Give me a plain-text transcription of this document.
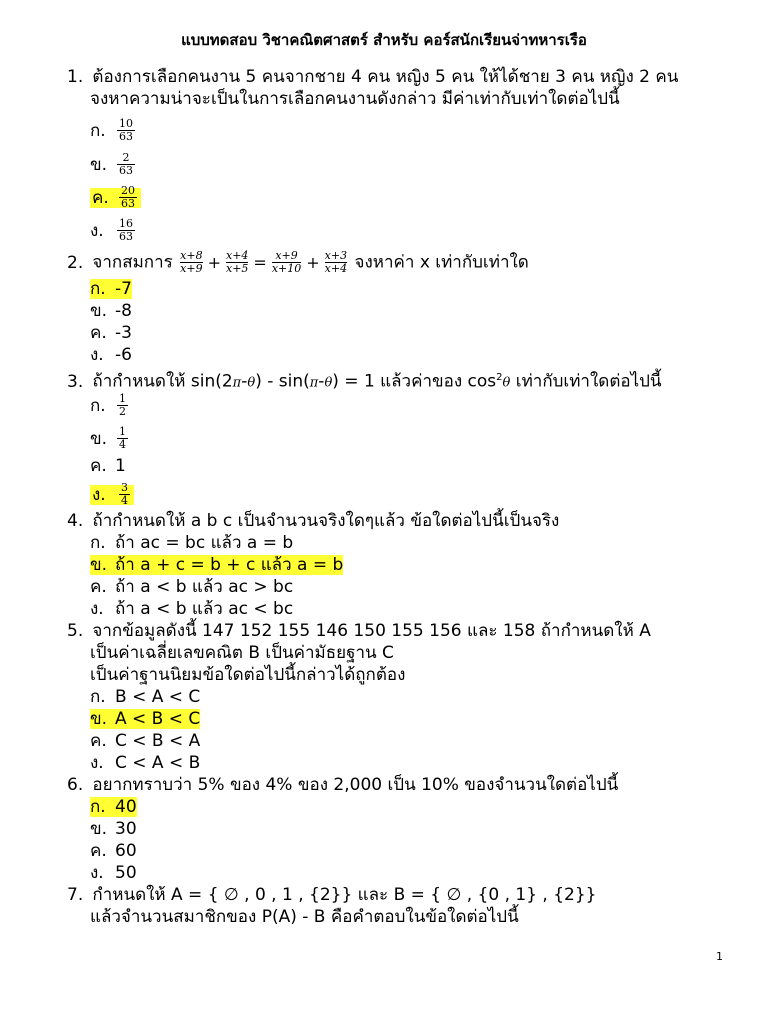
แบบทดสอบ วิชาคณิตศาสตร์ สำหรับ คอร์สนักเรียนจ่าทหารเรือ
1. ต้องการเลือกคนงาน 5 คนจากชาย 4 คน หญิง 5 คน ให้ได้ชาย 3 คน หญิง 2 คน
จงหาความน่าจะเป็นในการเลือกคนงานดังกล่าว มีค่าเท่ากับเท่าใดต่อไปนี้
ก. $\frac{10}{63}$
ข. $\frac{2}{63}$
ค. $\frac{20}{63}$
ง. $\frac{16}{63}$
2. จากสมการ $\frac{x+8}{x+9} + \frac{x+4}{x+5} = \frac{x+9}{x+10} + \frac{x+3}{x+4}$ จงหาค่า x เท่ากับเท่าใด
ก. -7
ข. -8
ค. -3
ง. -6
3. ถ้ากำหนดให้ sin(2π-θ) - sin(π-θ) = 1 แล้วค่าของ $\cos^2\theta$ เท่ากับเท่าใดต่อไปนี้
ก. $\frac{1}{2}$
ข. $\frac{1}{4}$
ค. 1
ง. $\frac{3}{4}$
4. ถ้ากำหนดให้ a b c เป็นจำนวนจริงใดๆแล้ว ข้อใดต่อไปนี้เป็นจริง
ก. ถ้า ac = bc แล้ว a = b
ข. ถ้า a + c = b + c แล้ว a = b
ค. ถ้า a < b แล้ว ac > bc
ง. ถ้า a < b แล้ว ac < bc
5. จากข้อมูลดังนี้ 147 152 155 146 150 155 156 และ 158 ถ้ากำหนดให้ A
เป็นค่าเฉลี่ยเลขคณิต B เป็นค่ามัธยฐาน C
เป็นค่าฐานนิยมข้อใดต่อไปนี้กล่าวได้ถูกต้อง
ก. B < A < C
ข. A < B < C
ค. C < B < A
ง. C < A < B
6. อยากทราบว่า 5% ของ 4% ของ 2,000 เป็น 10% ของจำนวนใดต่อไปนี้
ก. 40
ข. 30
ค. 60
ง. 50
7. กำหนดให้ A = { ∅ , 0 , 1 , {2}} และ B = { ∅ , {0 , 1} , {2}}
แล้วจำนวนสมาชิกของ P(A) - B คือคำตอบในข้อใดต่อไปนี้
1
